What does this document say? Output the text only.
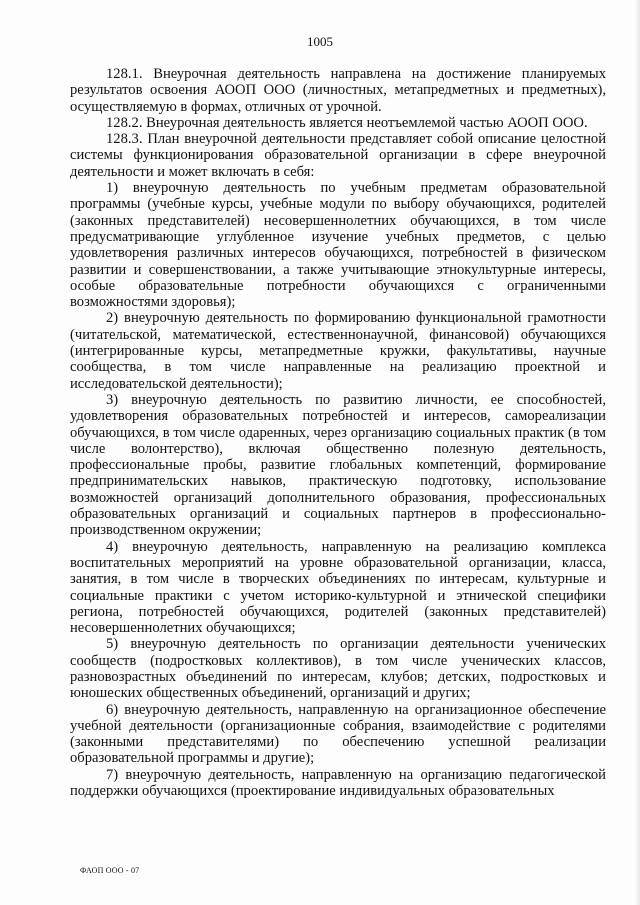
1005

128.1. Внеурочная деятельность направлена на достижение планируемых результатов освоения АООП ООО (личностных, метапредметных и предметных), осуществляемую в формах, отличных от урочной.

128.2. Внеурочная деятельность является неотъемлемой частью АООП ООО.

128.3. План внеурочной деятельности представляет собой описание целостной системы функционирования образовательной организации в сфере внеурочной деятельности и может включать в себя:

1) внеурочную деятельность по учебным предметам образовательной программы (учебные курсы, учебные модули по выбору обучающихся, родителей (законных представителей) несовершеннолетних обучающихся, в том числе предусматривающие углубленное изучение учебных предметов, с целью удовлетворения различных интересов обучающихся, потребностей в физическом развитии и совершенствовании, а также учитывающие этнокультурные интересы, особые образовательные потребности обучающихся с ограниченными возможностями здоровья);

2) внеурочную деятельность по формированию функциональной грамотности (читательской, математической, естественнонаучной, финансовой) обучающихся (интегрированные курсы, метапредметные кружки, факультативы, научные сообщества, в том числе направленные на реализацию проектной и исследовательской деятельности);

3) внеурочную деятельность по развитию личности, ее способностей, удовлетворения образовательных потребностей и интересов, самореализации обучающихся, в том числе одаренных, через организацию социальных практик (в том числе волонтерство), включая общественно полезную деятельность, профессиональные пробы, развитие глобальных компетенций, формирование предпринимательских навыков, практическую подготовку, использование возможностей организаций дополнительного образования, профессиональных образовательных организаций и социальных партнеров в профессионально-производственном окружении;

4) внеурочную деятельность, направленную на реализацию комплекса воспитательных мероприятий на уровне образовательной организации, класса, занятия, в том числе в творческих объединениях по интересам, культурные и социальные практики с учетом историко-культурной и этнической специфики региона, потребностей обучающихся, родителей (законных представителей) несовершеннолетних обучающихся;

5) внеурочную деятельность по организации деятельности ученических сообществ (подростковых коллективов), в том числе ученических классов, разновозрастных объединений по интересам, клубов; детских, подростковых и юношеских общественных объединений, организаций и других;

6) внеурочную деятельность, направленную на организационное обеспечение учебной деятельности (организационные собрания, взаимодействие с родителями (законными представителями) по обеспечению успешной реализации образовательной программы и другие);

7) внеурочную деятельность, направленную на организацию педагогической поддержки обучающихся (проектирование индивидуальных образовательных

ФАОП ООО - 07
